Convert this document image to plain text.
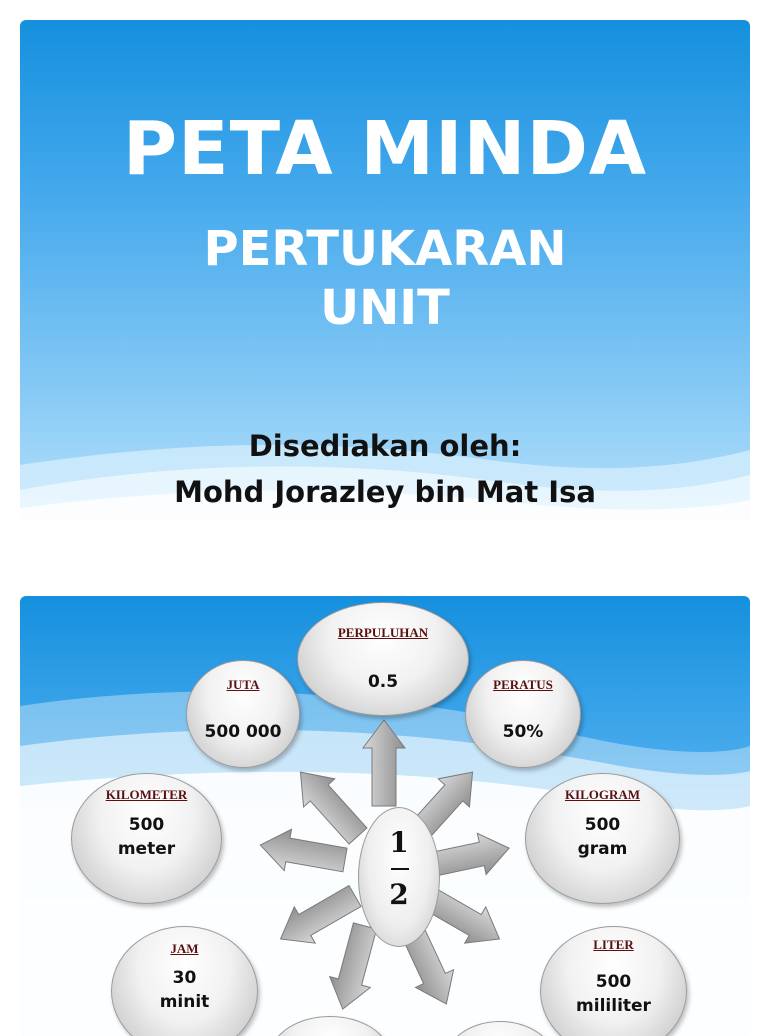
PETA MINDA
PERTUKARAN
UNIT
Disediakan oleh:
Mohd Jorazley bin Mat Isa
1
2
PERPULUHAN
0.5
JUTA
500 000
PERATUS
50%
KILOMETER
500
meter
KILOGRAM
500
gram
JAM
30
minit
LITER
500
mililiter
